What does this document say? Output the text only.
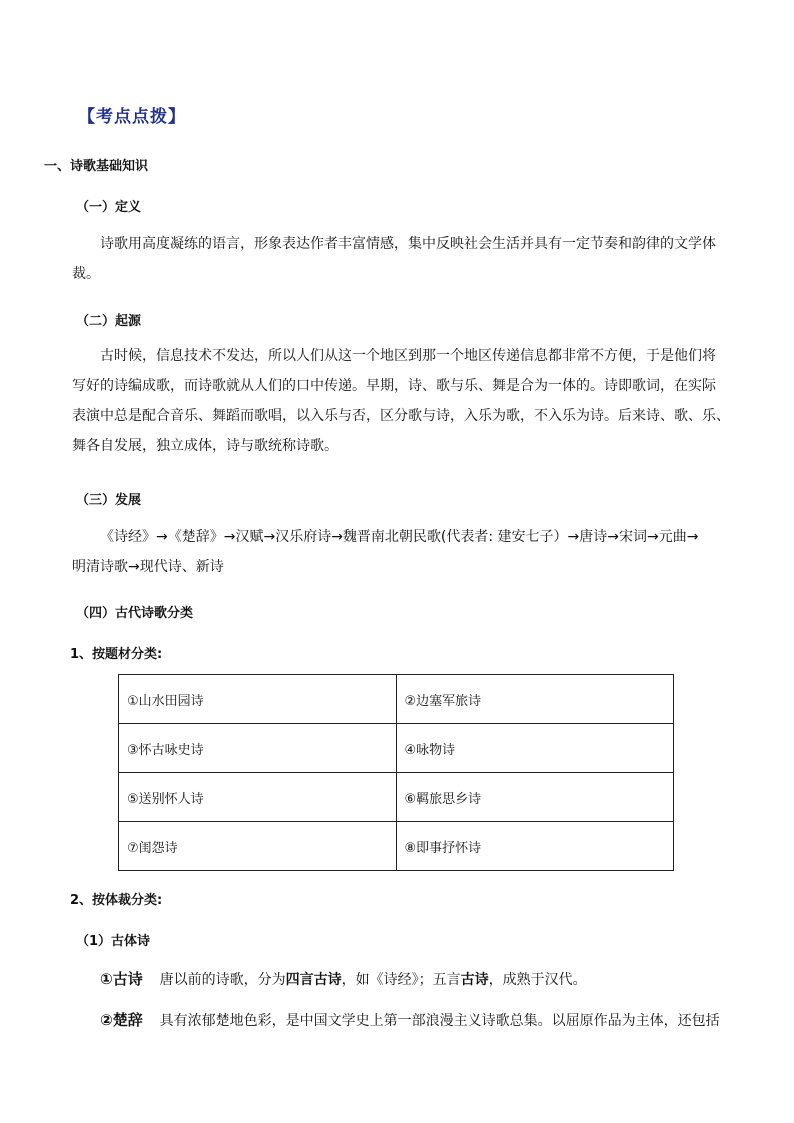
【考点点拨】
一、诗歌基础知识
（一）定义
诗歌用高度凝练的语言，形象表达作者丰富情感，集中反映社会生活并具有一定节奏和韵律的文学体
裁。
（二）起源
古时候，信息技术不发达，所以人们从这一个地区到那一个地区传递信息都非常不方便，于是他们将
写好的诗编成歌，而诗歌就从人们的口中传递。早期，诗、歌与乐、舞是合为一体的。诗即歌词，在实际
表演中总是配合音乐、舞蹈而歌唱，以入乐与否，区分歌与诗，入乐为歌，不入乐为诗。后来诗、歌、乐、
舞各自发展，独立成体，诗与歌统称诗歌。
（三）发展
《诗经》→《楚辞》→汉赋→汉乐府诗→魏晋南北朝民歌(代表者: 建安七子）→唐诗→宋词→元曲→
明清诗歌→现代诗、新诗
（四）古代诗歌分类
1、按题材分类:
①山水田园诗	②边塞军旅诗
③怀古咏史诗	④咏物诗
⑤送别怀人诗	⑥羁旅思乡诗
⑦闺怨诗	⑧即事抒怀诗
2、按体裁分类:
（1）古体诗
①古诗 唐以前的诗歌，分为四言古诗，如《诗经》；五言古诗，成熟于汉代。
②楚辞 具有浓郁楚地色彩，是中国文学史上第一部浪漫主义诗歌总集。以屈原作品为主体，还包括
